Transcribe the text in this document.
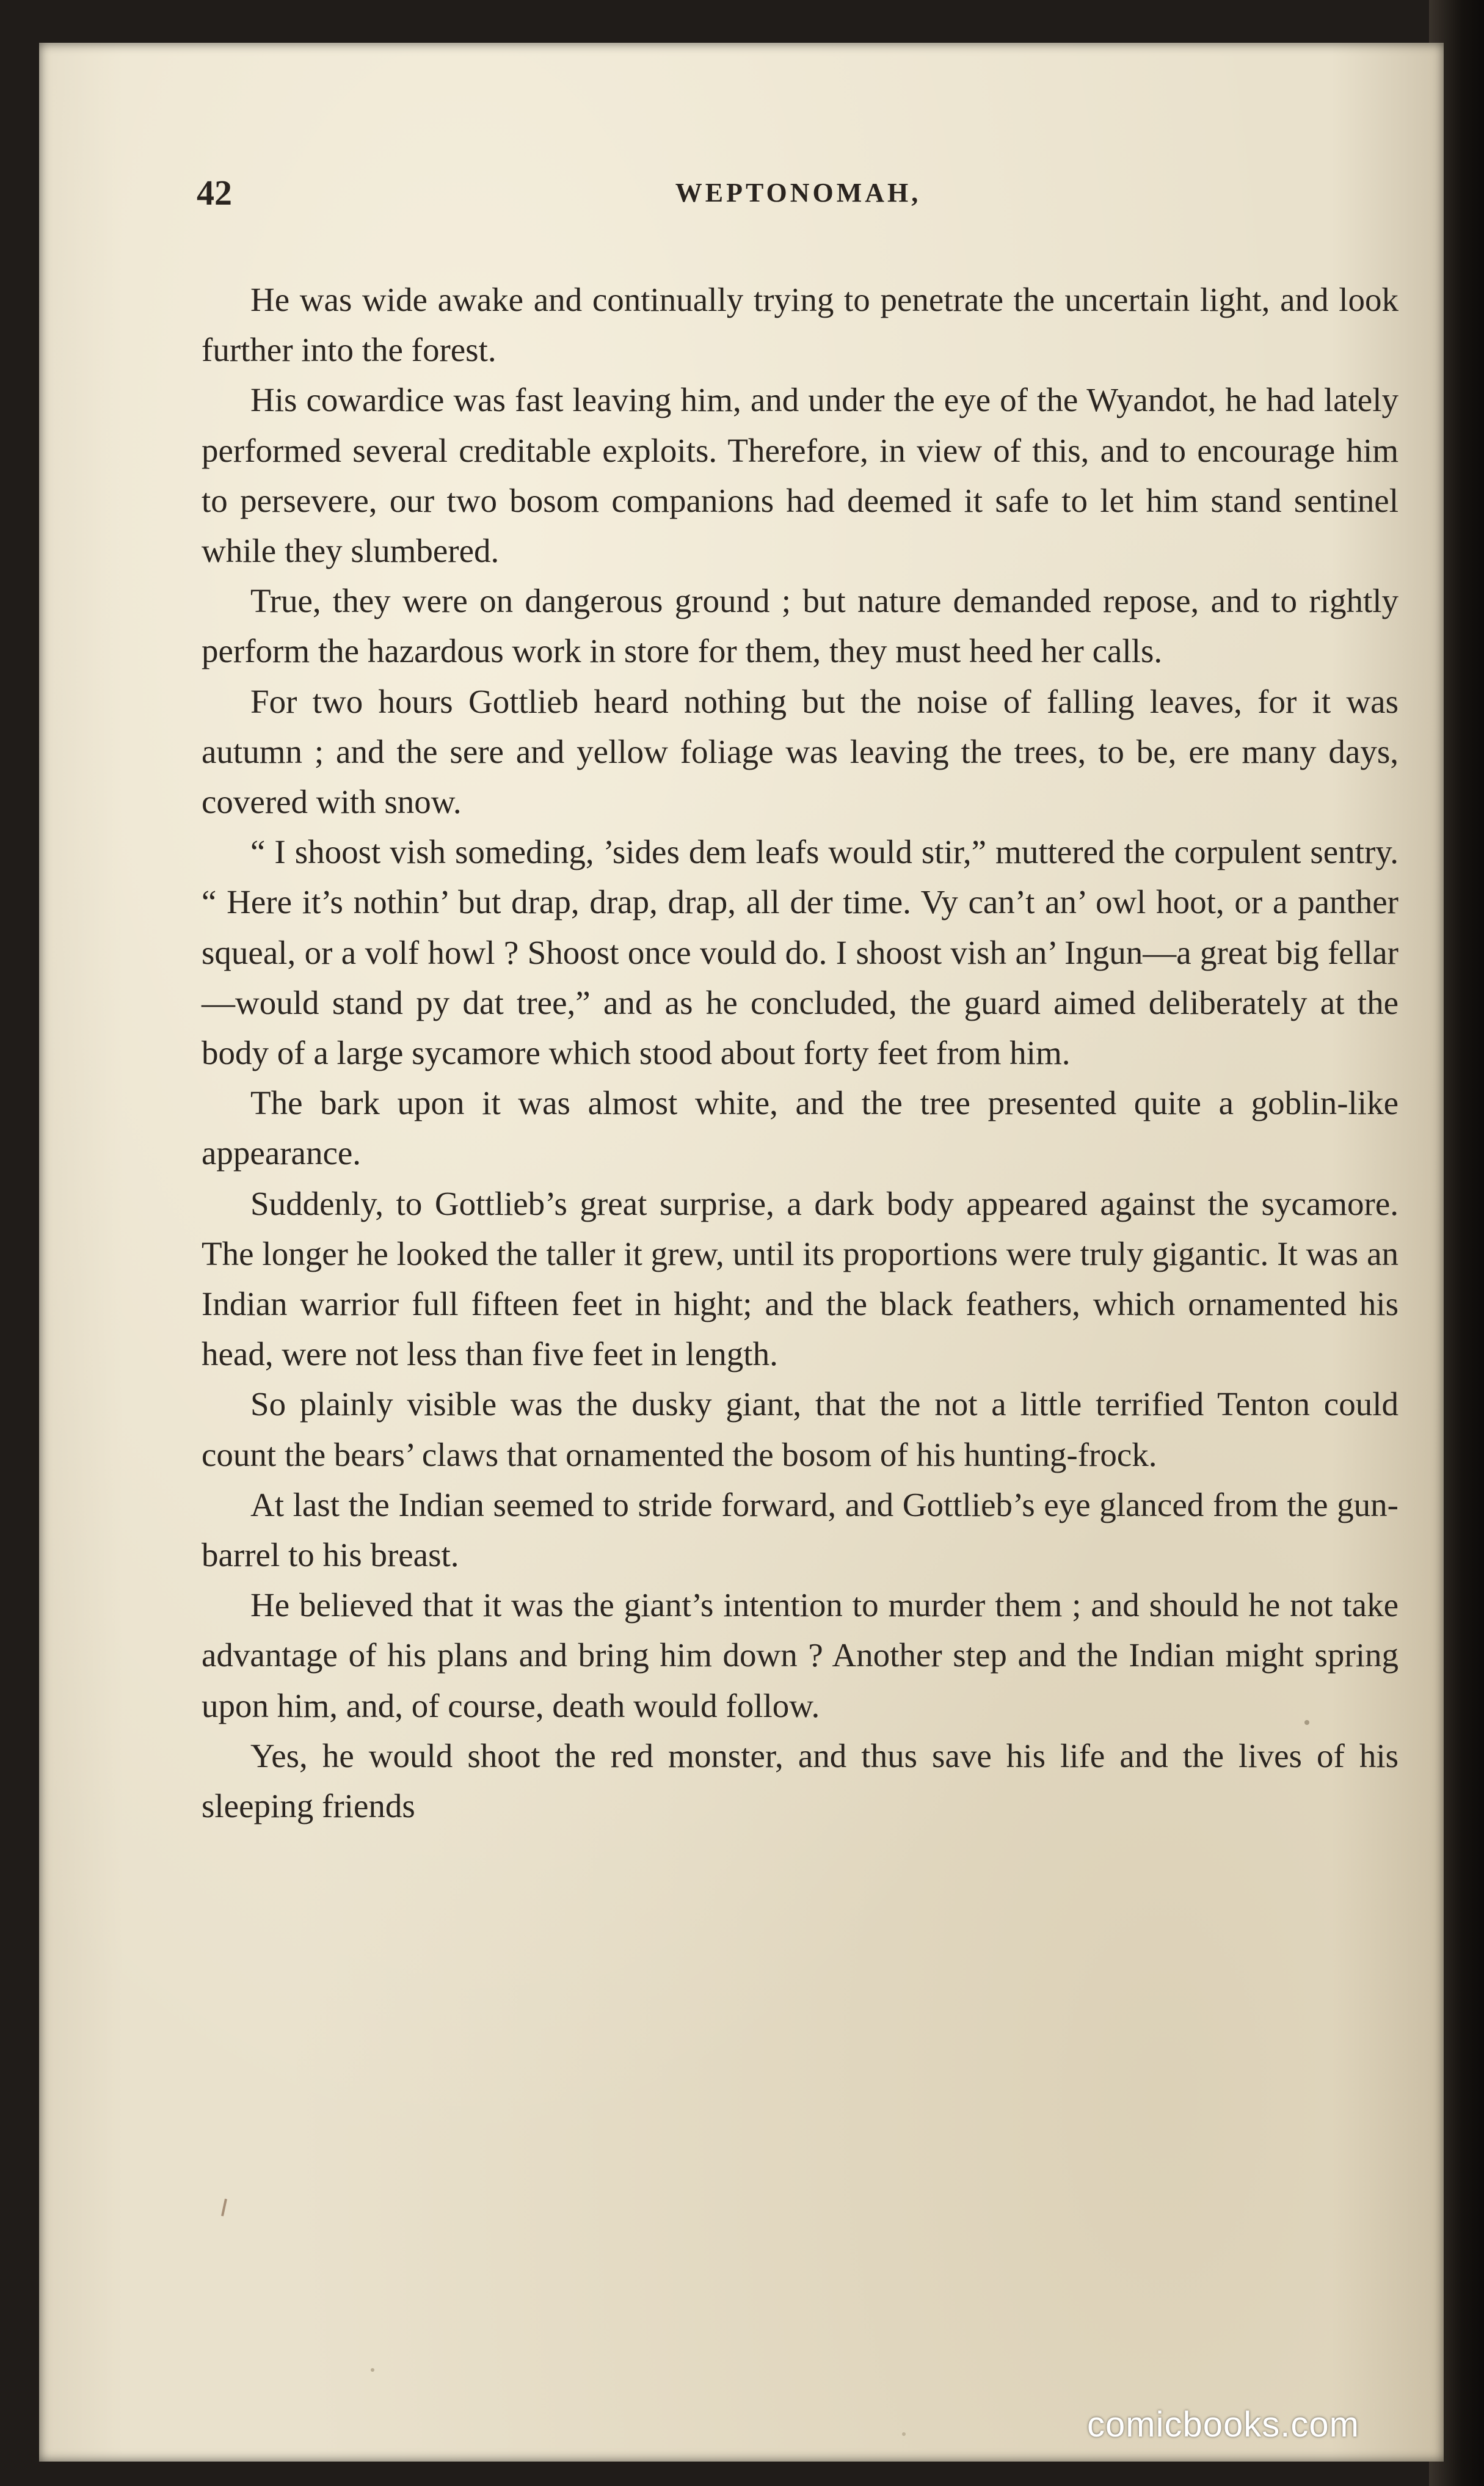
42	WEPTONOMAH,

He was wide awake and continually trying to penetrate the uncertain light, and look further into the forest.

His cowardice was fast leaving him, and under the eye of the Wyandot, he had lately performed several creditable exploits. Therefore, in view of this, and to encourage him to persevere, our two bosom companions had deemed it safe to let him stand sentinel while they slumbered.

True, they were on dangerous ground ; but nature demanded repose, and to rightly perform the hazardous work in store for them, they must heed her calls.

For two hours Gottlieb heard nothing but the noise of falling leaves, for it was autumn ; and the sere and yellow foliage was leaving the trees, to be, ere many days, covered with snow.

“ I shoost vish someding, ’sides dem leafs would stir,” muttered the corpulent sentry. “ Here it’s nothin’ but drap, drap, drap, all der time. Vy can’t an’ owl hoot, or a panther squeal, or a volf howl ? Shoost once vould do. I shoost vish an’ Ingun—a great big fellar—would stand py dat tree,” and as he concluded, the guard aimed deliberately at the body of a large sycamore which stood about forty feet from him.

The bark upon it was almost white, and the tree presented quite a goblin-like appearance.

Suddenly, to Gottlieb’s great surprise, a dark body appeared against the sycamore. The longer he looked the taller it grew, until its proportions were truly gigantic. It was an Indian warrior full fifteen feet in hight; and the black feathers, which ornamented his head, were not less than five feet in length.

So plainly visible was the dusky giant, that the not a little terrified Tenton could count the bears’ claws that ornamented the bosom of his hunting-frock.

At last the Indian seemed to stride forward, and Gottlieb’s eye glanced from the gun-barrel to his breast.

He believed that it was the giant’s intention to murder them ; and should he not take advantage of his plans and bring him down ? Another step and the Indian might spring upon him, and, of course, death would follow.

Yes, he would shoot the red monster, and thus save his life and the lives of his sleeping friends

comicbooks.com
